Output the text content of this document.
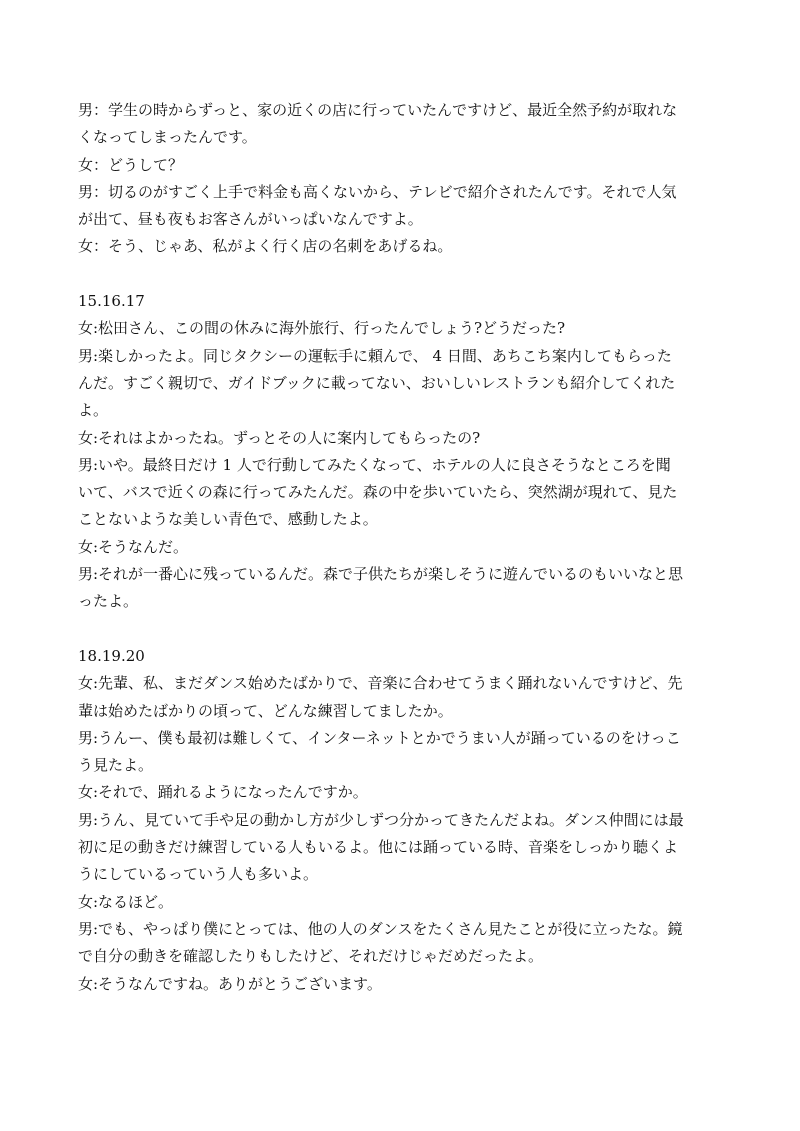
男：学生の時からずっと、家の近くの店に行っていたんですけど、最近全然予約が取れな
くなってしまったんです。
女：どうして？
男：切るのがすごく上手で料金も高くないから、テレビで紹介されたんです。それで人気
が出て、昼も夜もお客さんがいっぱいなんですよ。
女：そう、じゃあ、私がよく行く店の名刺をあげるね。
15.16.17
女:松田さん、この間の休みに海外旅行、行ったんでしょう?どうだった?
男:楽しかったよ。同じタクシーの運転手に頼んで、 4 日間、あちこち案内してもらった
んだ。すごく親切で、ガイドブックに載ってない、おいしいレストランも紹介してくれた
よ。
女:それはよかったね。ずっとその人に案内してもらったの?
男:いや。最終日だけ 1 人で行動してみたくなって、ホテルの人に良さそうなところを聞
いて、バスで近くの森に行ってみたんだ。森の中を歩いていたら、突然湖が現れて、見た
ことないような美しい青色で、感動したよ。
女:そうなんだ。
男:それが一番心に残っているんだ。森で子供たちが楽しそうに遊んでいるのもいいなと思
ったよ。
18.19.20
女:先輩、私、まだダンス始めたばかりで、音楽に合わせてうまく踊れないんですけど、先
輩は始めたばかりの頃って、どんな練習してましたか。
男:うんー、僕も最初は難しくて、インターネットとかでうまい人が踊っているのをけっこ
う見たよ。
女:それで、踊れるようになったんですか。
男:うん、見ていて手や足の動かし方が少しずつ分かってきたんだよね。ダンス仲間には最
初に足の動きだけ練習している人もいるよ。他には踊っている時、音楽をしっかり聴くよ
うにしているっていう人も多いよ。
女:なるほど。
男:でも、やっぱり僕にとっては、他の人のダンスをたくさん見たことが役に立ったな。鏡
で自分の動きを確認したりもしたけど、それだけじゃだめだったよ。
女:そうなんですね。ありがとうございます。
